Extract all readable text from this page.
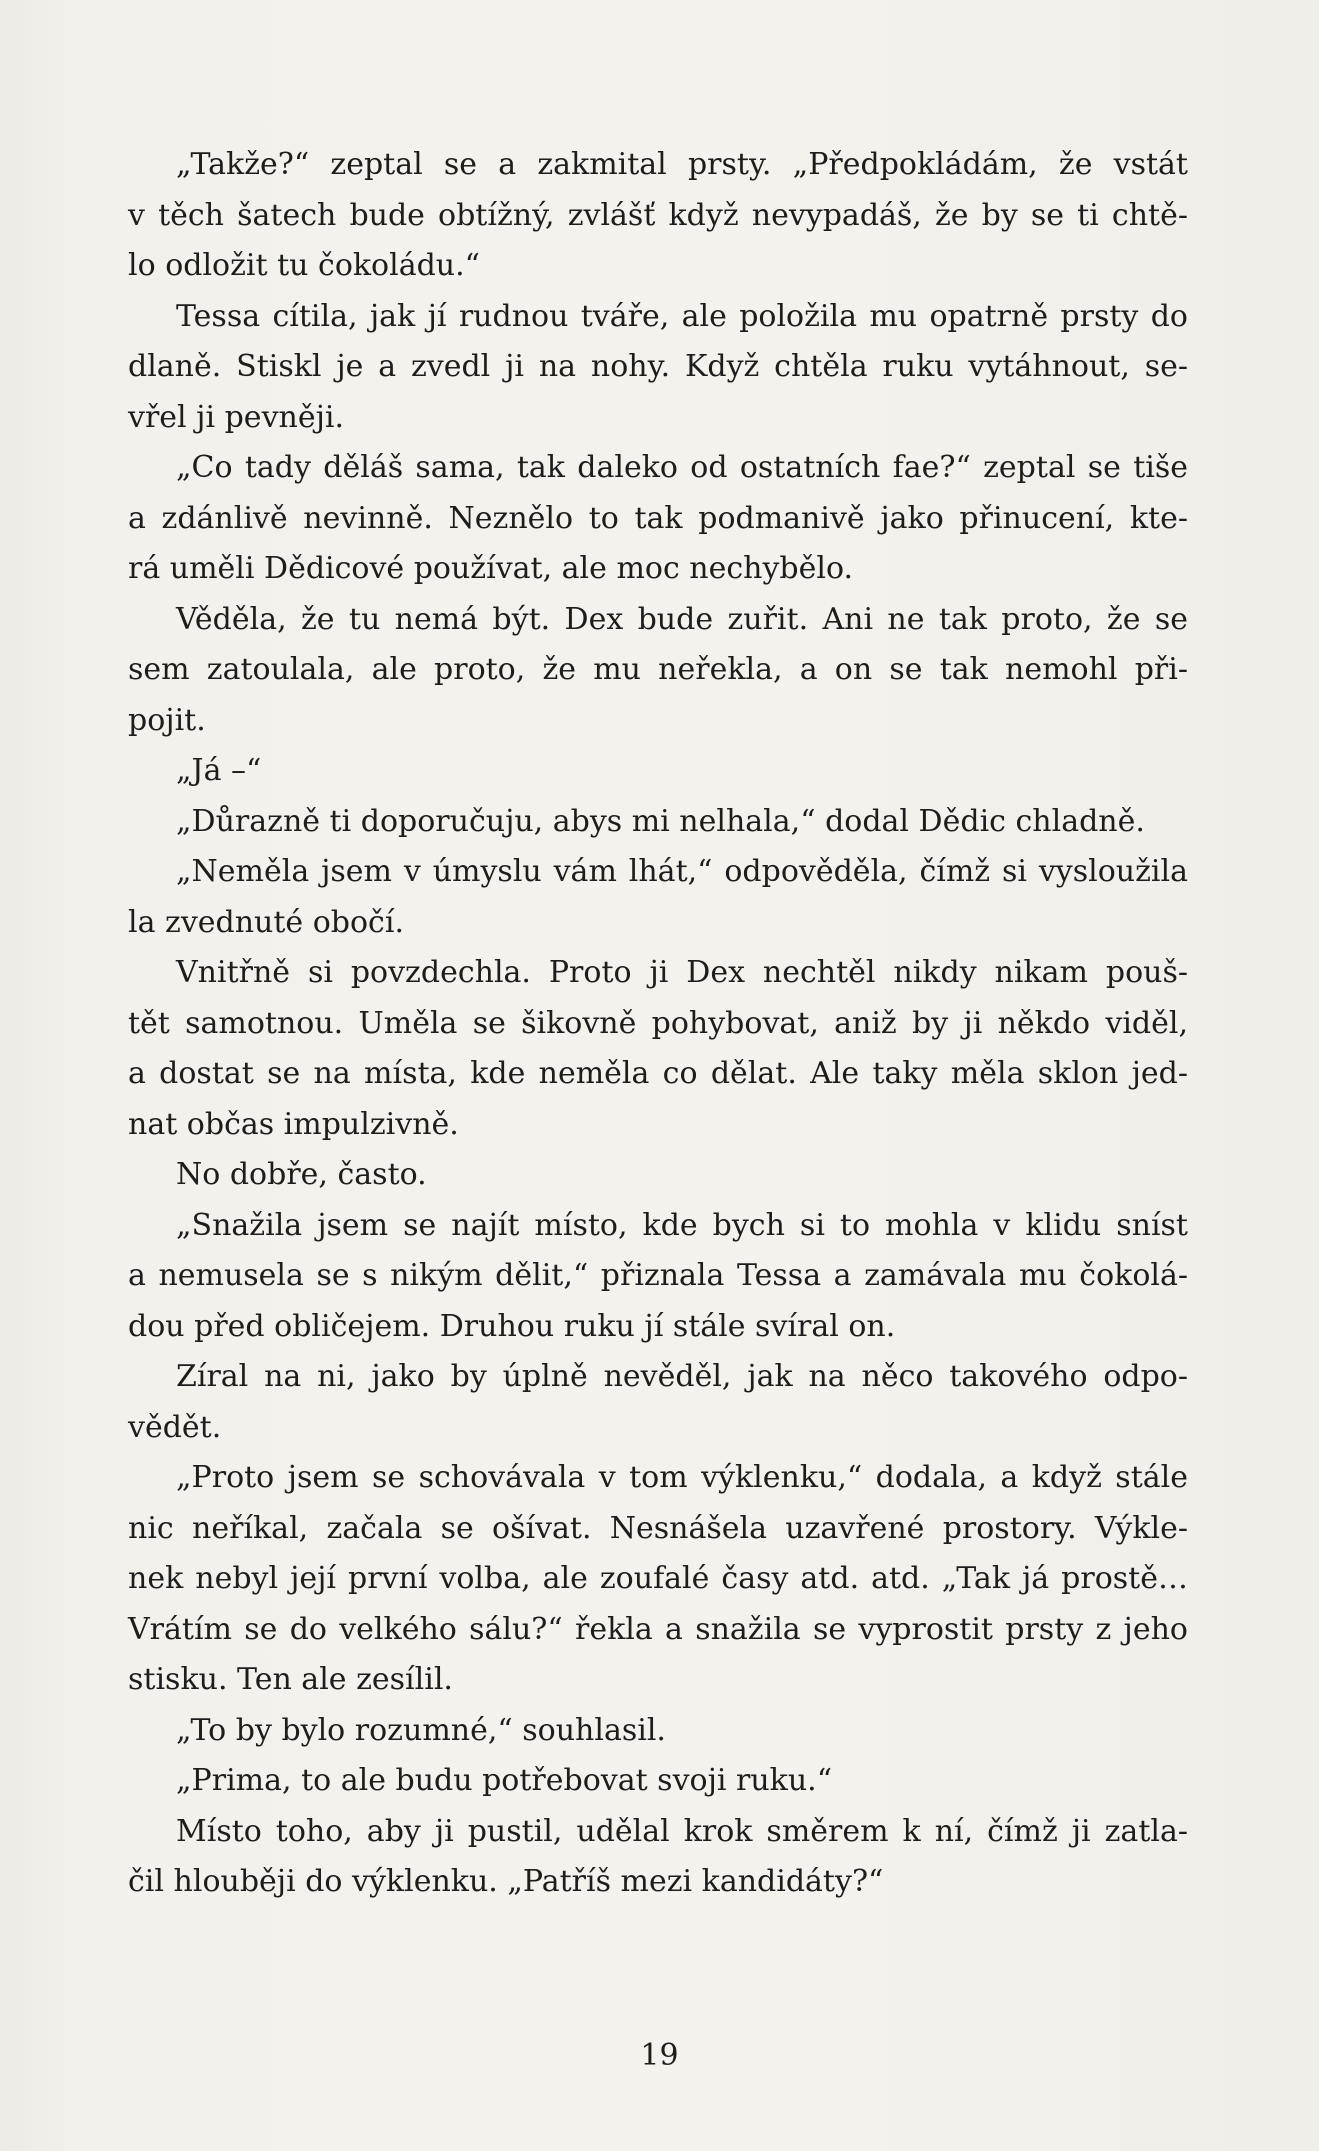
„Takže?“ zeptal se a zakmital prsty. „Předpokládám, že vstát
v těch šatech bude obtížný, zvlášť když nevypadáš, že by se ti chtě-
lo odložit tu čokoládu.“
Tessa cítila, jak jí rudnou tváře, ale položila mu opatrně prsty do
dlaně. Stiskl je a zvedl ji na nohy. Když chtěla ruku vytáhnout, se-
vřel ji pevněji.
„Co tady děláš sama, tak daleko od ostatních fae?“ zeptal se tiše
a zdánlivě nevinně. Neznělo to tak podmanivě jako přinucení, kte-
rá uměli Dědicové používat, ale moc nechybělo.
Věděla, že tu nemá být. Dex bude zuřit. Ani ne tak proto, že se
sem zatoulala, ale proto, že mu neřekla, a on se tak nemohl při-
pojit.
„Já –“
„Důrazně ti doporučuju, abys mi nelhala,“ dodal Dědic chladně.
„Neměla jsem v úmyslu vám lhát,“ odpověděla, čímž si vysloužila
la zvednuté obočí.
Vnitřně si povzdechla. Proto ji Dex nechtěl nikdy nikam pouš-
tět samotnou. Uměla se šikovně pohybovat, aniž by ji někdo viděl,
a dostat se na místa, kde neměla co dělat. Ale taky měla sklon jed-
nat občas impulzivně.
No dobře, často.
„Snažila jsem se najít místo, kde bych si to mohla v klidu sníst
a nemusela se s nikým dělit,“ přiznala Tessa a zamávala mu čokolá-
dou před obličejem. Druhou ruku jí stále svíral on.
Zíral na ni, jako by úplně nevěděl, jak na něco takového odpo-
vědět.
„Proto jsem se schovávala v tom výklenku,“ dodala, a když stále
nic neříkal, začala se ošívat. Nesnášela uzavřené prostory. Výkle-
nek nebyl její první volba, ale zoufalé časy atd. atd. „Tak já prostě…
Vrátím se do velkého sálu?“ řekla a snažila se vyprostit prsty z jeho
stisku. Ten ale zesílil.
„To by bylo rozumné,“ souhlasil.
„Prima, to ale budu potřebovat svoji ruku.“
Místo toho, aby ji pustil, udělal krok směrem k ní, čímž ji zatla-
čil hlouběji do výklenku. „Patříš mezi kandidáty?“
19
